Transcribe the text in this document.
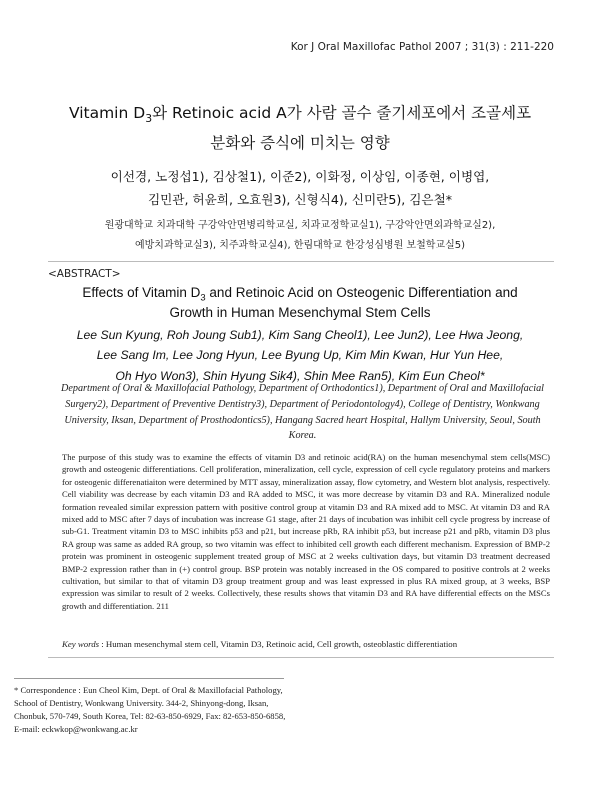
Kor J Oral Maxillofac Pathol 2007 ; 31(3) : 211-220
Vitamin $D_3$와 Retinoic acid A가 사람 골수 줄기세포에서 조골세포
분화와 증식에 미치는 영향
이선경, 노정섭1), 김상철1), 이준2), 이화정, 이상임, 이종현, 이병엽,
김민관, 허윤희, 오효원3), 신형식4), 신미란5), 김은철*
원광대학교 치과대학 구강악안면병리학교실, 치과교정학교실1), 구강악안면외과학교실2),
예방치과학교실3), 치주과학교실4), 한림대학교 한강성심병원 보철학교실5)
<ABSTRACT>
Effects of Vitamin $D_3$ and Retinoic Acid on Osteogenic Differentiation and
Growth in Human Mesenchymal Stem Cells
Lee Sun Kyung, Roh Joung Sub1), Kim Sang Cheol1), Lee Jun2), Lee Hwa Jeong,
Lee Sang Im, Lee Jong Hyun, Lee Byung Up, Kim Min Kwan, Hur Yun Hee,
Oh Hyo Won3), Shin Hyung Sik4), Shin Mee Ran5), Kim Eun Cheol*
Department of Oral & Maxillofacial Pathology, Department of Orthodontics1), Department of Oral and Maxillofacial Surgery2), Department of Preventive Dentistry3), Department of Periodontology4), College of Dentistry, Wonkwang University, Iksan, Department of Prosthodontics5), Hangang Sacred heart Hospital, Hallym University, Seoul, South Korea.
The purpose of this study was to examine the effects of vitamin D3 and retinoic acid(RA) on the human mesenchymal stem cells(MSC) growth and osteogenic differentiations. Cell proliferation, mineralization, cell cycle, expression of cell cycle regulatory proteins and markers for osteogenic differenatiaiton were determined by MTT assay, mineralization assay, flow cytometry, and Western blot analysis, respectively. Cell viability was decrease by each vitamin D3 and RA added to MSC, it was more decrease by vitamin D3 and RA. Mineralized nodule formation revealed similar expression pattern with positive control group at vitamin D3 and RA mixed add to MSC. At vitamin D3 and RA mixed add to MSC after 7 days of incubation was increase G1 stage, after 21 days of incubation was inhibit cell cycle progress by increase of sub-G1. Treatment vitamin D3 to MSC inhibits p53 and p21, but increase pRb, RA inhibit p53, but increase p21 and pRb, vitamin D3 plus RA group was same as added RA group, so two vitamin was effect to inhibited cell growth each different mechanism. Expression of BMP-2 protein was prominent in osteogenic supplement treated group of MSC at 2 weeks cultivation days, but vitamin D3 treatment decreased BMP-2 expression rather than in (+) control group. BSP protein was notably increased in the OS compared to positive controls at 2 weeks cultivation, but similar to that of vitamin D3 group treatment group and was least expressed in plus RA mixed group, at 3 weeks, BSP expression was similar to result of 2 weeks. Collectively, these results shows that vitamin D3 and RA have differential effects on the MSCs growth and differentiation. 211
Key words : Human mesenchymal stem cell, Vitamin D3, Retinoic acid, Cell growth, osteoblastic differentiation
* Correspondence : Eun Cheol Kim, Dept. of Oral & Maxillofacial Pathology, School of Dentistry, Wonkwang University. 344-2, Shinyong-dong, Iksan, Chonbuk, 570-749, South Korea, Tel: 82-63-850-6929, Fax: 82-653-850-6858, E-mail: eckwkop@wonkwang.ac.kr
